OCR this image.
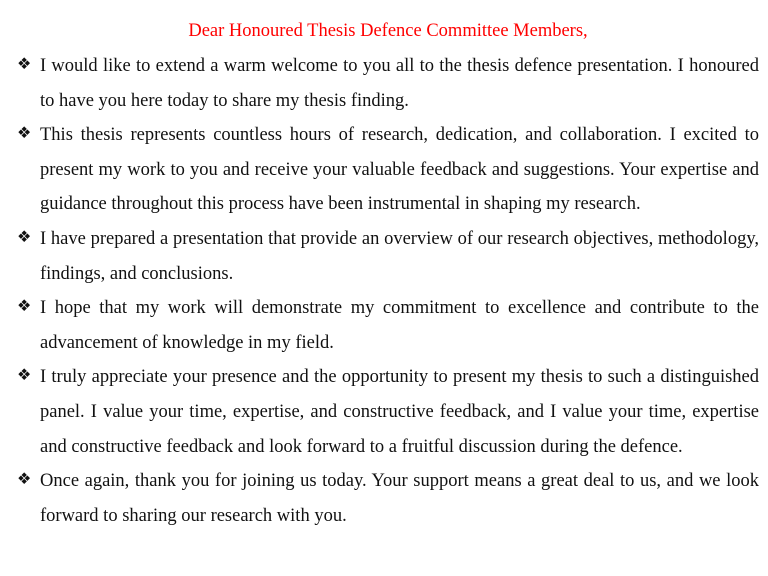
Dear Honoured Thesis Defence Committee Members,
❖ I would like to extend a warm welcome to you all to the thesis defence presentation. I honoured to have you here today to share my thesis finding.
❖ This thesis represents countless hours of research, dedication, and collaboration. I excited to present my work to you and receive your valuable feedback and suggestions. Your expertise and guidance throughout this process have been instrumental in shaping my research.
❖ I have prepared a presentation that provide an overview of our research objectives, methodology, findings, and conclusions.
❖ I hope that my work will demonstrate my commitment to excellence and contribute to the advancement of knowledge in my field.
❖ I truly appreciate your presence and the opportunity to present my thesis to such a distinguished panel. I value your time, expertise, and constructive feedback, and I value your time, expertise and constructive feedback and look forward to a fruitful discussion during the defence.
❖ Once again, thank you for joining us today. Your support means a great deal to us, and we look forward to sharing our research with you.
